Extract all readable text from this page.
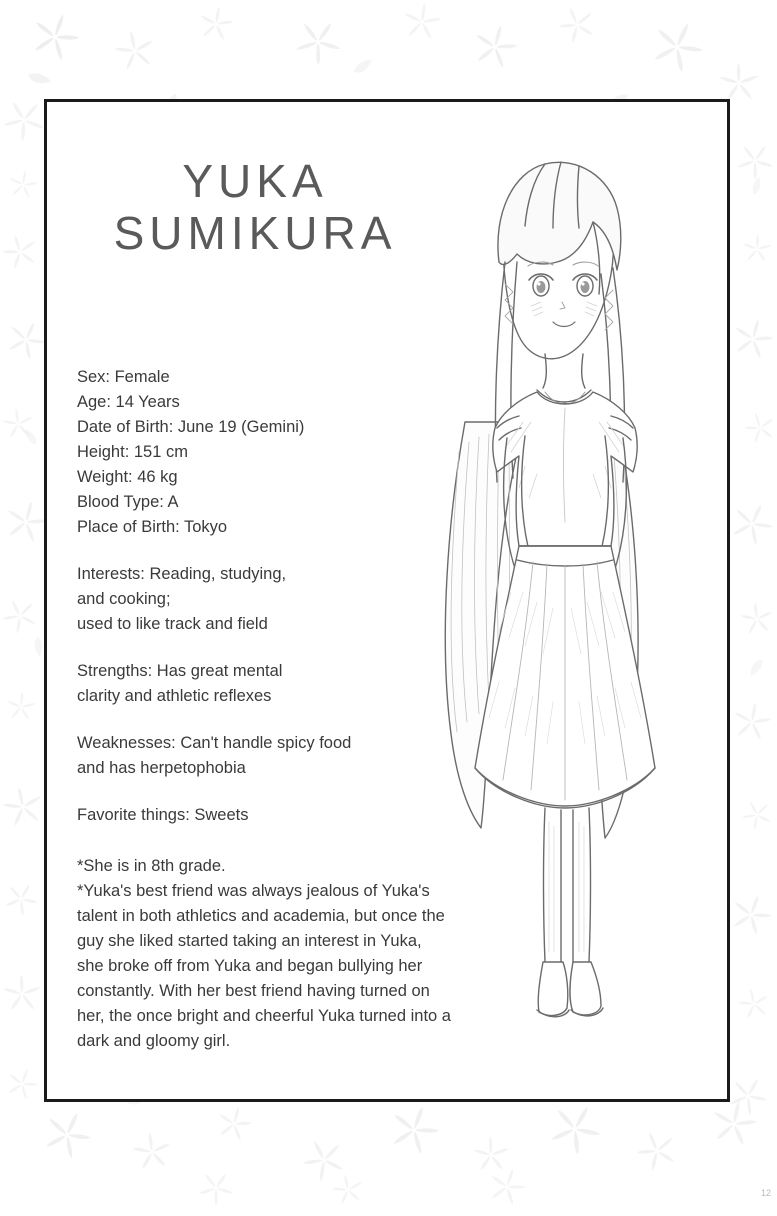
YUKA
SUMIKURA
Sex: Female
Age: 14 Years
Date of Birth: June 19 (Gemini)
Height: 151 cm
Weight: 46 kg
Blood Type: A
Place of Birth: Tokyo
Interests: Reading, studying,
and cooking;
used to like track and field
Strengths: Has great mental
clarity and athletic reflexes
Weaknesses: Can't handle spicy food
and has herpetophobia
Favorite things: Sweets
*She is in 8th grade.
*Yuka's best friend was always jealous of Yuka's
talent in both athletics and academia, but once the
guy she liked started taking an interest in Yuka,
she broke off from Yuka and began bullying her
constantly. With her best friend having turned on
her, the once bright and cheerful Yuka turned into a
dark and gloomy girl.
12
